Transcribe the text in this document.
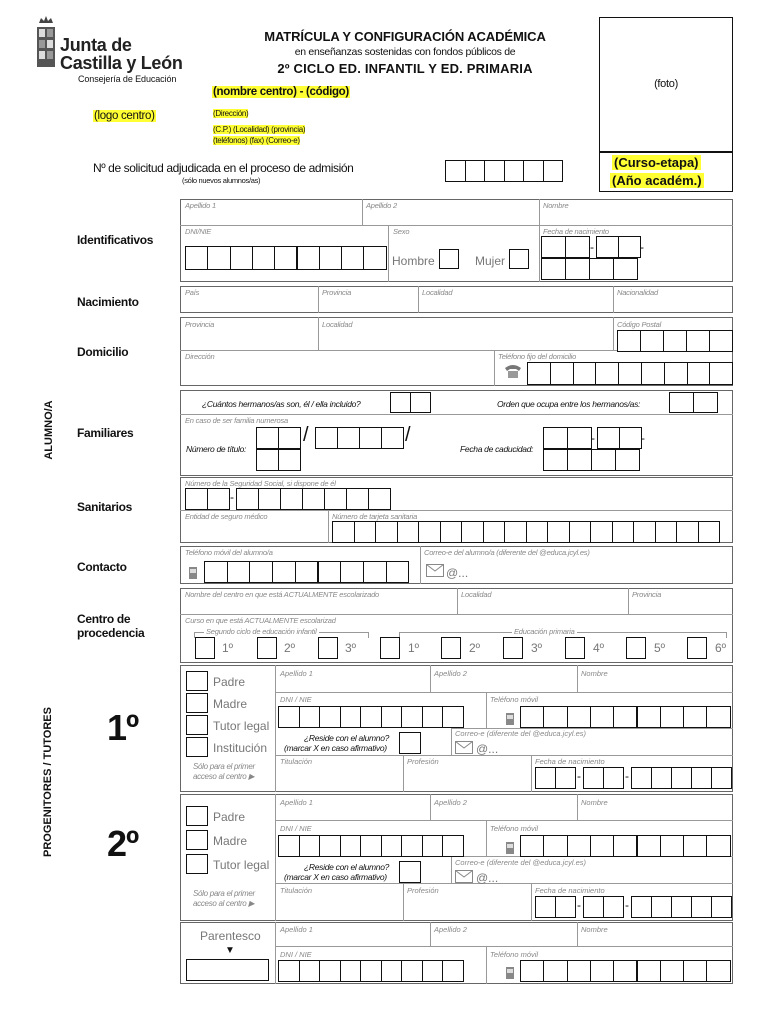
Junta de
Castilla y León
Consejería de Educación
MATRÍCULA Y CONFIGURACIÓN ACADÉMICA
en enseñanzas sostenidas con fondos públicos de
2º CICLO ED. INFANTIL Y ED. PRIMARIA
(nombre centro) - (código)
(logo centro)	(Dirección)
(C.P.) (Localidad) (provincia)
(teléfonos) (fax) (Correo-e)
(foto)
(Curso-etapa)
(Año académ.)
Nº de solicitud adjudicada en el proceso de admisión
(sólo nuevos alumnos/as)
ALUMNO/A
PROGENITORES / TUTORES
Identificativos
Nacimiento
Domicilio
Familiares
Sanitarios
Contacto
Centro de
procedencia
Apellido 1	Apellido 2	Nombre
DNI/NIE	Sexo	Fecha de nacimiento
Hombre	Mujer
País	Provincia	Localidad	Nacionalidad
Provincia	Localidad	Código Postal
Dirección	Teléfono fijo del domicilio
¿Cuántos hermanos/as son, él / ella incluido?	Orden que ocupa entre los hermanos/as:
En caso de ser familia numerosa
Número de título:
/	/
Fecha de caducidad:
Número de la Seguridad Social, si dispone de él
Entidad de seguro médico	Número de tarjeta sanitaria
Teléfono móvil del alumno/a	Correo-e del alumno/a (diferente del @educa.jcyl.es)
@...
Nombre del centro en que está ACTUALMENTE escolarizado	Localidad	Provincia
Curso en que está ACTUALMENTE escolarizad
Segundo ciclo de educación infantil	Educación primaria
1º
2º
Parentesco
▼
-	-
-	-
-
1º	2º	3º	1º	2º	3º	4º	5º	6º
Padre
Madre
Tutor legal
Institución
Sólo para el primer
acceso al centro ▶
Apellido 1	Apellido 2	Nombre
DNI / NIE	Teléfono móvil
¿Reside con el alumno?
(marcar X en caso afirmativo)
Correo-e (diferente del @educa.jcyl.es)
@...
Titulación	Profesión	Fecha de nacimiento
-	-
Padre
Madre
Tutor legal
Sólo para el primer
acceso al centro ▶
Apellido 1	Apellido 2	Nombre
DNI / NIE	Teléfono móvil
¿Reside con el alumno?
(marcar X en caso afirmativo)
Correo-e (diferente del @educa.jcyl.es)
@...
Titulación	Profesión	Fecha de nacimiento
-	-
Apellido 1	Apellido 2	Nombre
DNI / NIE	Teléfono móvil
